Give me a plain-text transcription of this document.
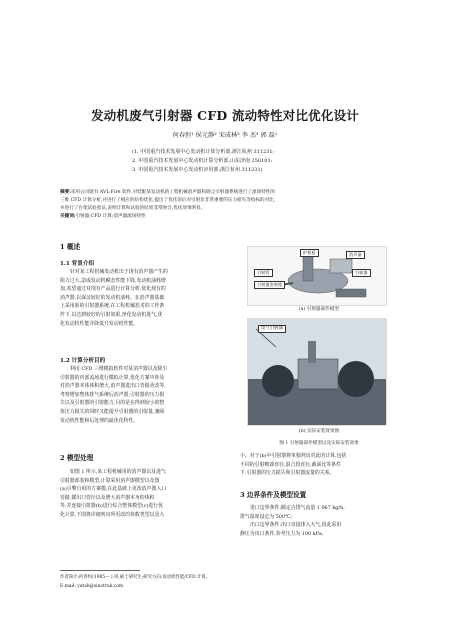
发动机废气引射器 CFD 流动特性对比优化设计
何春恒¹ 侯元静² 宋成林³ 李 杰³ 郭 磊¹
(1. 中国重汽技术发展中心发动机计算分析部,浙江杭州 311231;
2. 中国重汽技术发展中心发动机计算分析部,山东济南 250101;
3. 中国重汽技术发展中心发动机应用部,浙江杭州 311231)
摘要:采用公司既有 AVL-Fire 软件,对装配某发动机的工程机械消声器和除尘引射器系统进行了流场特性的
三维 CFD 计算分析,并进行了相应的结构优化,提出了优化前后对引射比非常重要的压力损失等指标的对比,
并进行了台架试验验证,表明计算和试验的结果非常吻合,优化效果明显。
关键词:引射器;CFD 计算;消声器流场特性
1 概述
1.1 背景介绍
针对某工程机械发动机出于现有消声器产生的
阻力过大,造成发动机瞬态性能下降,发动机油耗增
加,希望通过对现有产品进行计算分析,优化现有的
消声器,以保证较好的发动机油耗。在消声器基础
上采用新的引射器系统,在工程机械恶劣的工作条
件下,以达到较好的引射效果,净化发动机进气,优
化发动机性能并降低升发动机性能。
1.2 计算分析目的
利用 CFD 三维模拟软件对某消声器以及除尘
引射器的内部流场进行模拟计算,优化方案中涉及
对消声器本体体积增大,消声器进出口管路更改等,
考察增加整体排气系统后消声器,引射器的压力损
失以及引射器的引射能力,目的是在得到较小的整
体压力损失的同时又能提升引射器的引射量,兼顾
发动机性能和后处理的最优化特性。
2 模型处理
如图 1 所示,某工程机械用的消声器以及进气
引射器部装和模型,计算采用消声器模型以及图
(a)引擎自用的方案模,在此基础上更改消声器入口
管路,镂出口管径以及增大消声器本身的体积
等,并连接引射器(b)进行综合整体模型(c)进行优
化计算,下图将详细列出所更改的参数类型以及大
护板板	消声器
引射管
引射器安装座
引射器
(a) 引射器部件模型
废气引射器
(b) 实际安装效果图
图 1 引射器部件模型以及实际安装效果
小。对于(b)中引射器将单独列出对此的计算,包括
不同的引射喉颈直径,混合段直径,截面比等条件
下,引射器的压力损失和引射器流量的关系。
3 边界条件及模型设置
进口边界条件:额定点排气流量 1 067 kg/h,
排气温度设定为 500℃;
出口边界条件:出口直接排入大气,因此采用
静压为出口条件,参考压力为 100 kPa;
作者简介:何春恒(1985— ),男,硕士研究生;研究方向:发动机性能/CFD 计算。
E-mail: yatah@sinotruk.com
